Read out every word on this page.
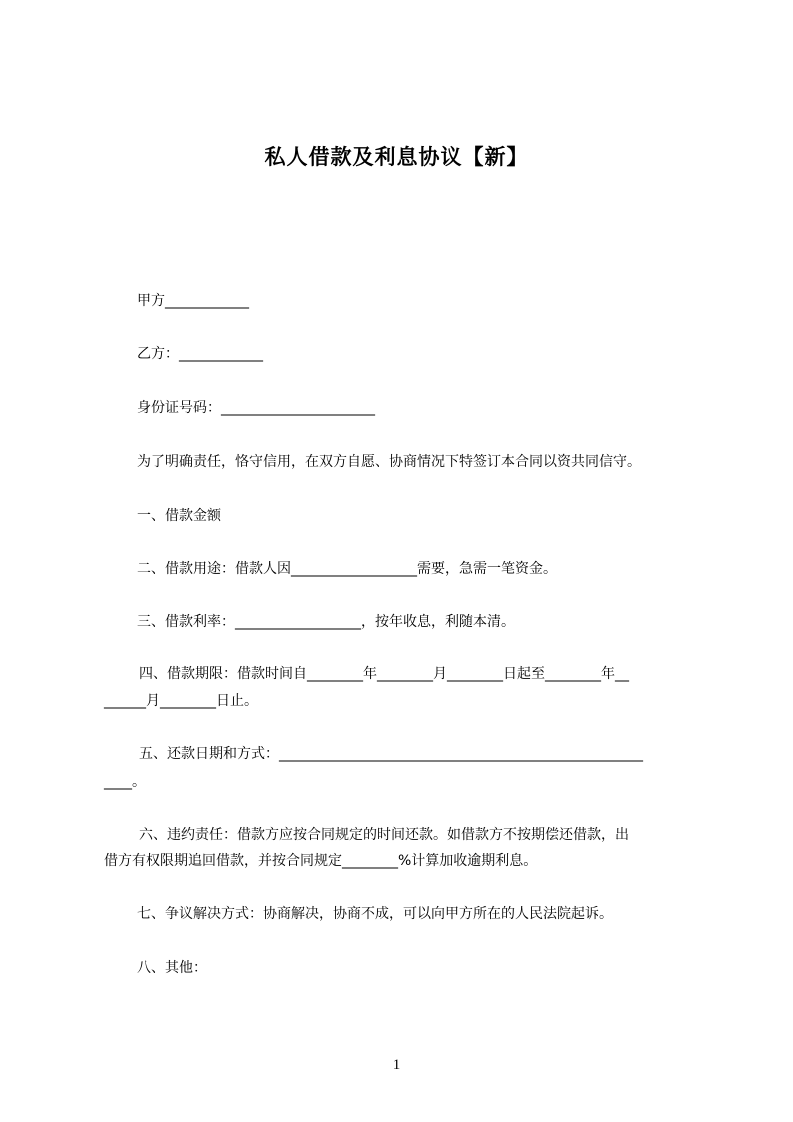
私人借款及利息协议【新】
甲方____________
乙方：____________
身份证号码：______________________
为了明确责任，恪守信用，在双方自愿、协商情况下特签订本合同以资共同信守。
一、借款金额
二、借款用途：借款人因__________________需要，急需一笔资金。
三、借款利率：__________________，按年收息，利随本清。
四、借款期限：借款时间自________年________月________日起至________年__
______月________日止。
五、还款日期和方式：____________________________________________________
____。
六、违约责任：借款方应按合同规定的时间还款。如借款方不按期偿还借款，出
借方有权限期追回借款，并按合同规定________%计算加收逾期利息。
七、争议解决方式：协商解决，协商不成，可以向甲方所在的人民法院起诉。
八、其他：
1
